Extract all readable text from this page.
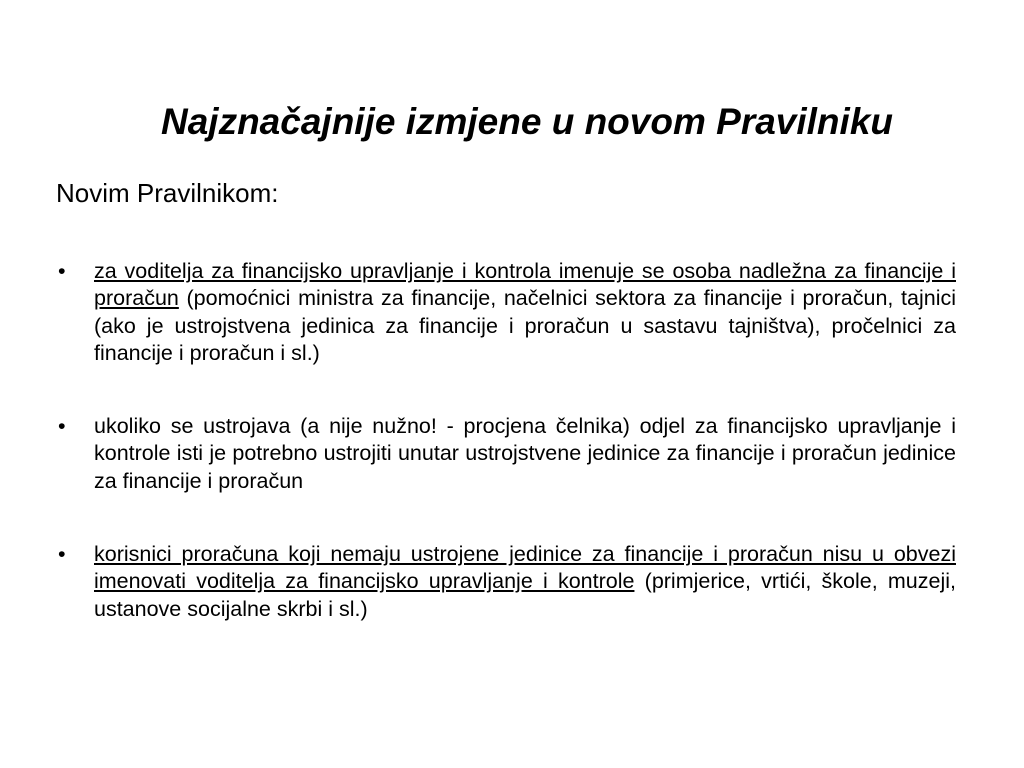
Najznačajnije izmjene u novom Pravilniku

Novim Pravilnikom:

• za voditelja za financijsko upravljanje i kontrola imenuje se osoba nadležna za financije i proračun (pomoćnici ministra za financije, načelnici sektora za financije i proračun, tajnici (ako je ustrojstvena jedinica za financije i proračun u sastavu tajništva), pročelnici za financije i proračun i sl.)
• ukoliko se ustrojava (a nije nužno! - procjena čelnika) odjel za financijsko upravljanje i kontrole isti je potrebno ustrojiti unutar ustrojstvene jedinice za financije i proračun jedinice za financije i proračun
• korisnici proračuna koji nemaju ustrojene jedinice za financije i proračun nisu u obvezi imenovati voditelja za financijsko upravljanje i kontrole (primjerice, vrtići, škole, muzeji, ustanove socijalne skrbi i sl.)
